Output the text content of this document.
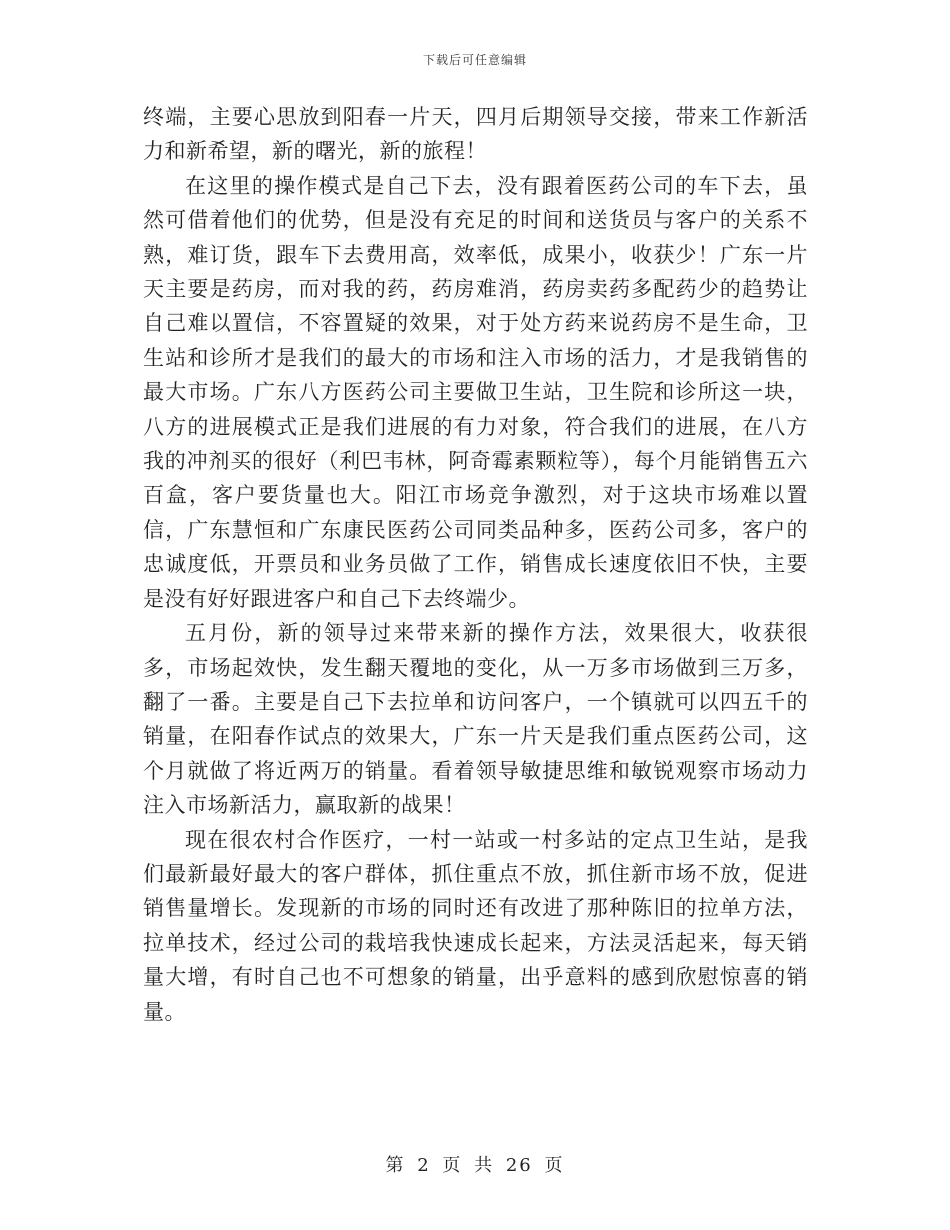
下载后可任意编辑

终端，主要心思放到阳春一片天，四月后期领导交接，带来工作新活力和新希望，新的曙光，新的旅程！

在这里的操作模式是自己下去，没有跟着医药公司的车下去，虽然可借着他们的优势，但是没有充足的时间和送货员与客户的关系不熟，难订货，跟车下去费用高，效率低，成果小，收获少！广东一片天主要是药房，而对我的药，药房难消，药房卖药多配药少的趋势让自己难以置信，不容置疑的效果，对于处方药来说药房不是生命，卫生站和诊所才是我们的最大的市场和注入市场的活力，才是我销售的最大市场。广东八方医药公司主要做卫生站，卫生院和诊所这一块，八方的进展模式正是我们进展的有力对象，符合我们的进展，在八方我的冲剂买的很好（利巴韦林，阿奇霉素颗粒等），每个月能销售五六百盒，客户要货量也大。阳江市场竞争激烈，对于这块市场难以置信，广东慧恒和广东康民医药公司同类品种多，医药公司多，客户的忠诚度低，开票员和业务员做了工作，销售成长速度依旧不快，主要是没有好好跟进客户和自己下去终端少。

五月份，新的领导过来带来新的操作方法，效果很大，收获很多，市场起效快，发生翻天覆地的变化，从一万多市场做到三万多，翻了一番。主要是自己下去拉单和访问客户，一个镇就可以四五千的销量，在阳春作试点的效果大，广东一片天是我们重点医药公司，这个月就做了将近两万的销量。看着领导敏捷思维和敏锐观察市场动力注入市场新活力，赢取新的战果！

现在很农村合作医疗，一村一站或一村多站的定点卫生站，是我们最新最好最大的客户群体，抓住重点不放，抓住新市场不放，促进销售量增长。发现新的市场的同时还有改进了那种陈旧的拉单方法，拉单技术，经过公司的栽培我快速成长起来，方法灵活起来，每天销量大增，有时自己也不可想象的销量，出乎意料的感到欣慰惊喜的销量。

第 2 页 共 26 页
